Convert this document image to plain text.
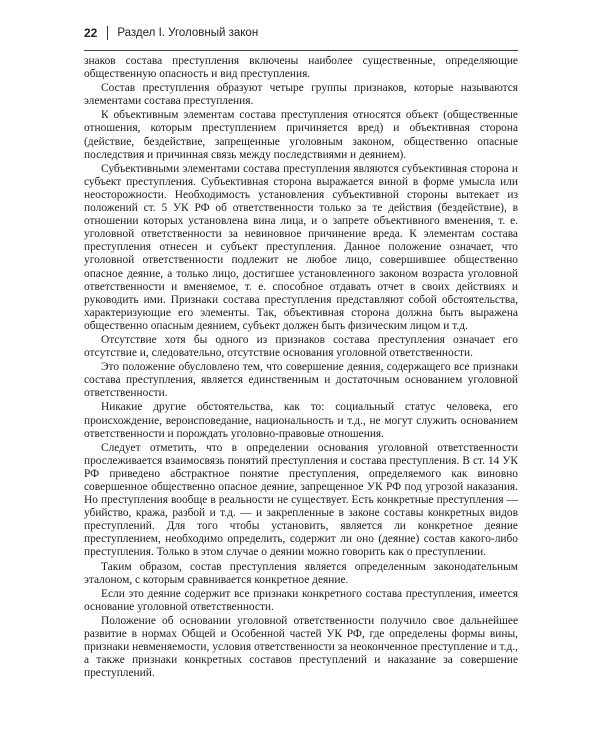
22 Раздел I. Уголовный закон

знаков состава преступления включены наиболее существенные, определяющие общественную опасность и вид преступления.

Состав преступления образуют четыре группы признаков, которые называются элементами состава преступления.

К объективным элементам состава преступления относятся объект (общественные отношения, которым преступлением причиняется вред) и объективная сторона (действие, бездействие, запрещенные уголовным законом, общественно опасные последствия и причинная связь между последствиями и деянием).

Субъективными элементами состава преступления являются субъективная сторона и субъект преступления. Субъективная сторона выражается виной в форме умысла или неосторожности. Необходимость установления субъективной стороны вытекает из положений ст. 5 УК РФ об ответственности только за те действия (бездействие), в отношении которых установлена вина лица, и о запрете объективного вменения, т. е. уголовной ответственности за невиновное причинение вреда. К элементам состава преступления отнесен и субъект преступления. Данное положение означает, что уголовной ответственности подлежит не любое лицо, совершившее общественно опасное деяние, а только лицо, достигшее установленного законом возраста уголовной ответственности и вменяемое, т. е. способное отдавать отчет в своих действиях и руководить ими. Признаки состава преступления представляют собой обстоятельства, характеризующие его элементы. Так, объективная сторона должна быть выражена общественно опасным деянием, субъект должен быть физическим лицом и т.д.

Отсутствие хотя бы одного из признаков состава преступления означает его отсутствие и, следовательно, отсутствие основания уголовной ответственности.

Это положение обусловлено тем, что совершение деяния, содержащего все признаки состава преступления, является единственным и достаточным основанием уголовной ответственности.

Никакие другие обстоятельства, как то: социальный статус человека, его происхождение, вероисповедание, национальность и т.д., не могут служить основанием ответственности и порождать уголовно-правовые отношения.

Следует отметить, что в определении основания уголовной ответственности прослеживается взаимосвязь понятий преступления и состава преступления. В ст. 14 УК РФ приведено абстрактное понятие преступления, определяемого как виновно совершенное общественно опасное деяние, запрещенное УК РФ под угрозой наказания. Но преступления вообще в реальности не существует. Есть конкретные преступления — убийство, кража, разбой и т.д. — и закрепленные в законе составы конкретных видов преступлений. Для того чтобы установить, является ли конкретное деяние преступлением, необходимо определить, содержит ли оно (деяние) состав какого-либо преступления. Только в этом случае о деянии можно говорить как о преступлении.

Таким образом, состав преступления является определенным законодательным эталоном, с которым сравнивается конкретное деяние.

Если это деяние содержит все признаки конкретного состава преступления, имеется основание уголовной ответственности.

Положение об основании уголовной ответственности получило свое дальнейшее развитие в нормах Общей и Особенной частей УК РФ, где определены формы вины, признаки невменяемости, условия ответственности за неоконченное преступление и т.д., а также признаки конкретных составов преступлений и наказание за совершение преступлений.
